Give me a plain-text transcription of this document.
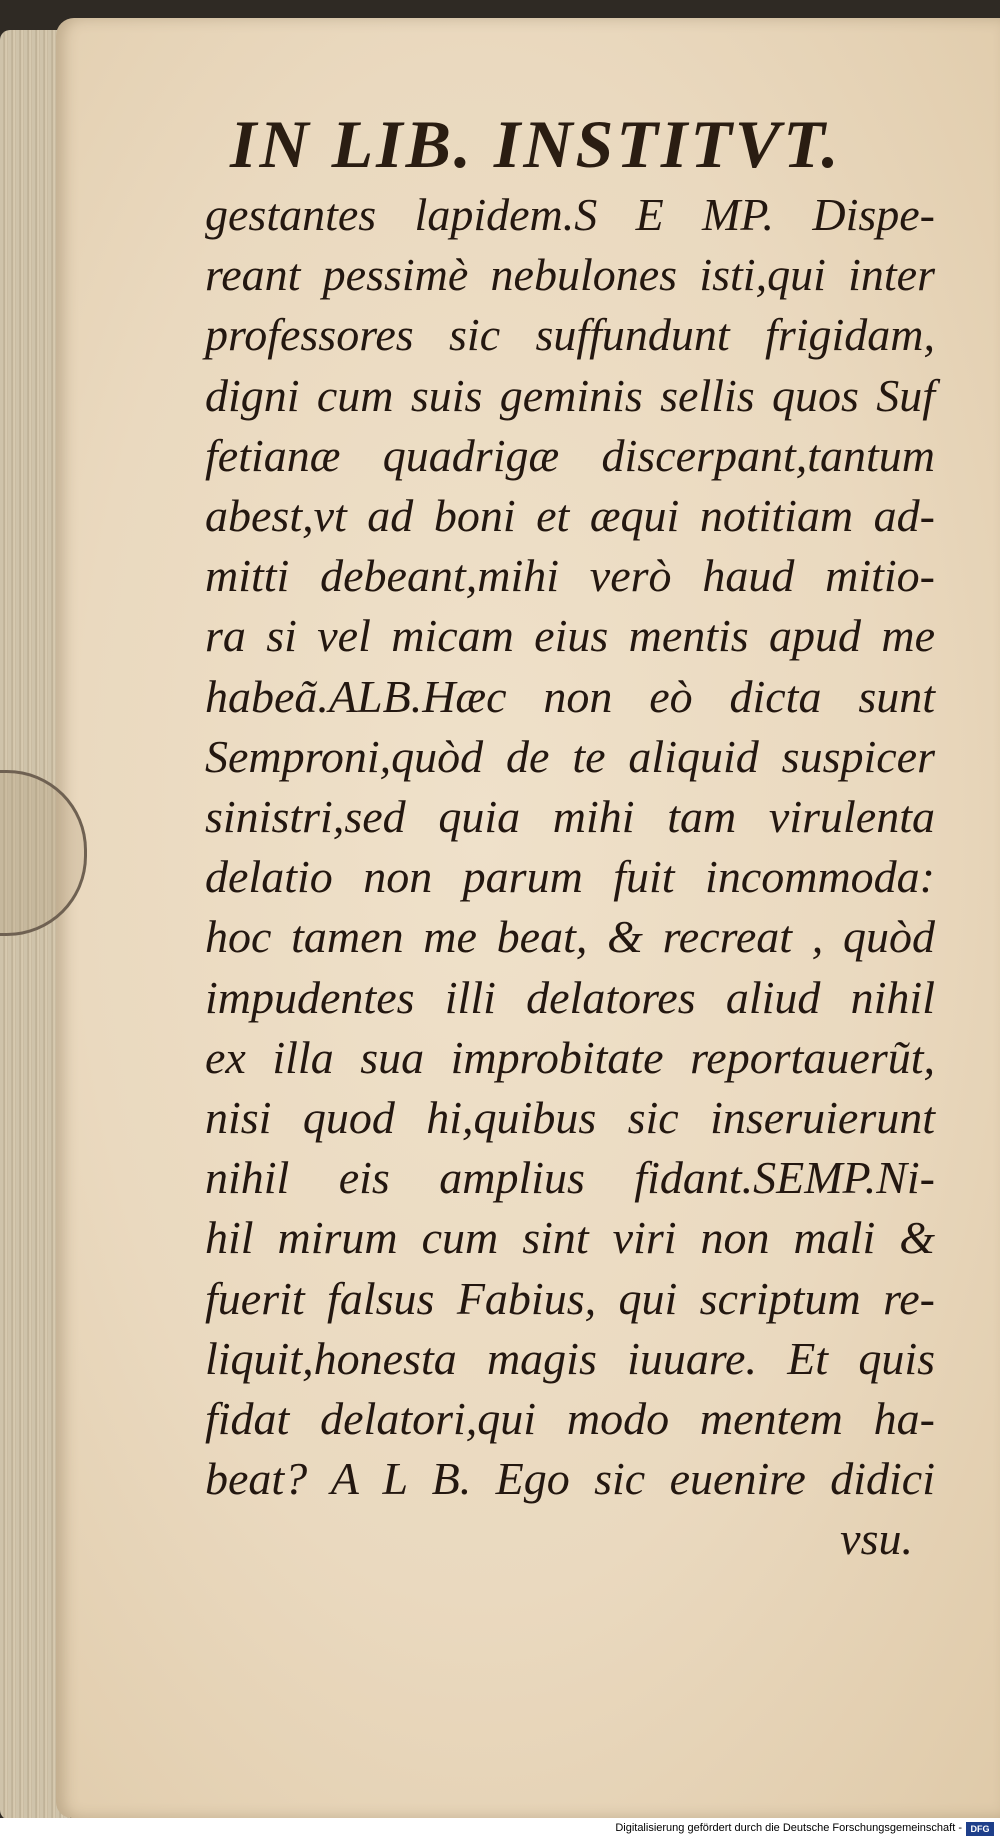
IN LIB. INSTITVT.
gestantes lapidem.S E MP. Dispe-
reant pessimè nebulones isti,qui inter
professores sic suffundunt frigidam,
digni cum suis geminis sellis quos Suf
fetianæ quadrigæ discerpant,tantum
abest,vt ad boni et æqui notitiam ad-
mitti debeant,mihi verò haud mitio-
ra si vel micam eius mentis apud me
habeã.ALB.Hæc non eò dicta sunt
Semproni,quòd de te aliquid suspicer
sinistri,sed quia mihi tam virulenta
delatio non parum fuit incommoda:
hoc tamen me beat, & recreat , quòd
impudentes illi delatores aliud nihil
ex illa sua improbitate reportauerũt,
nisi quod hi,quibus sic inseruierunt
nihil eis amplius fidant.SEMP.Ni-
hil mirum cum sint viri non mali &
fuerit falsus Fabius, qui scriptum re-
liquit,honesta magis iuuare. Et quis
fidat delatori,qui modo mentem ha-
beat? A L B. Ego sic euenire didici
vsu.
Digitalisierung gefördert durch die Deutsche Forschungsgemeinschaft - DFG
